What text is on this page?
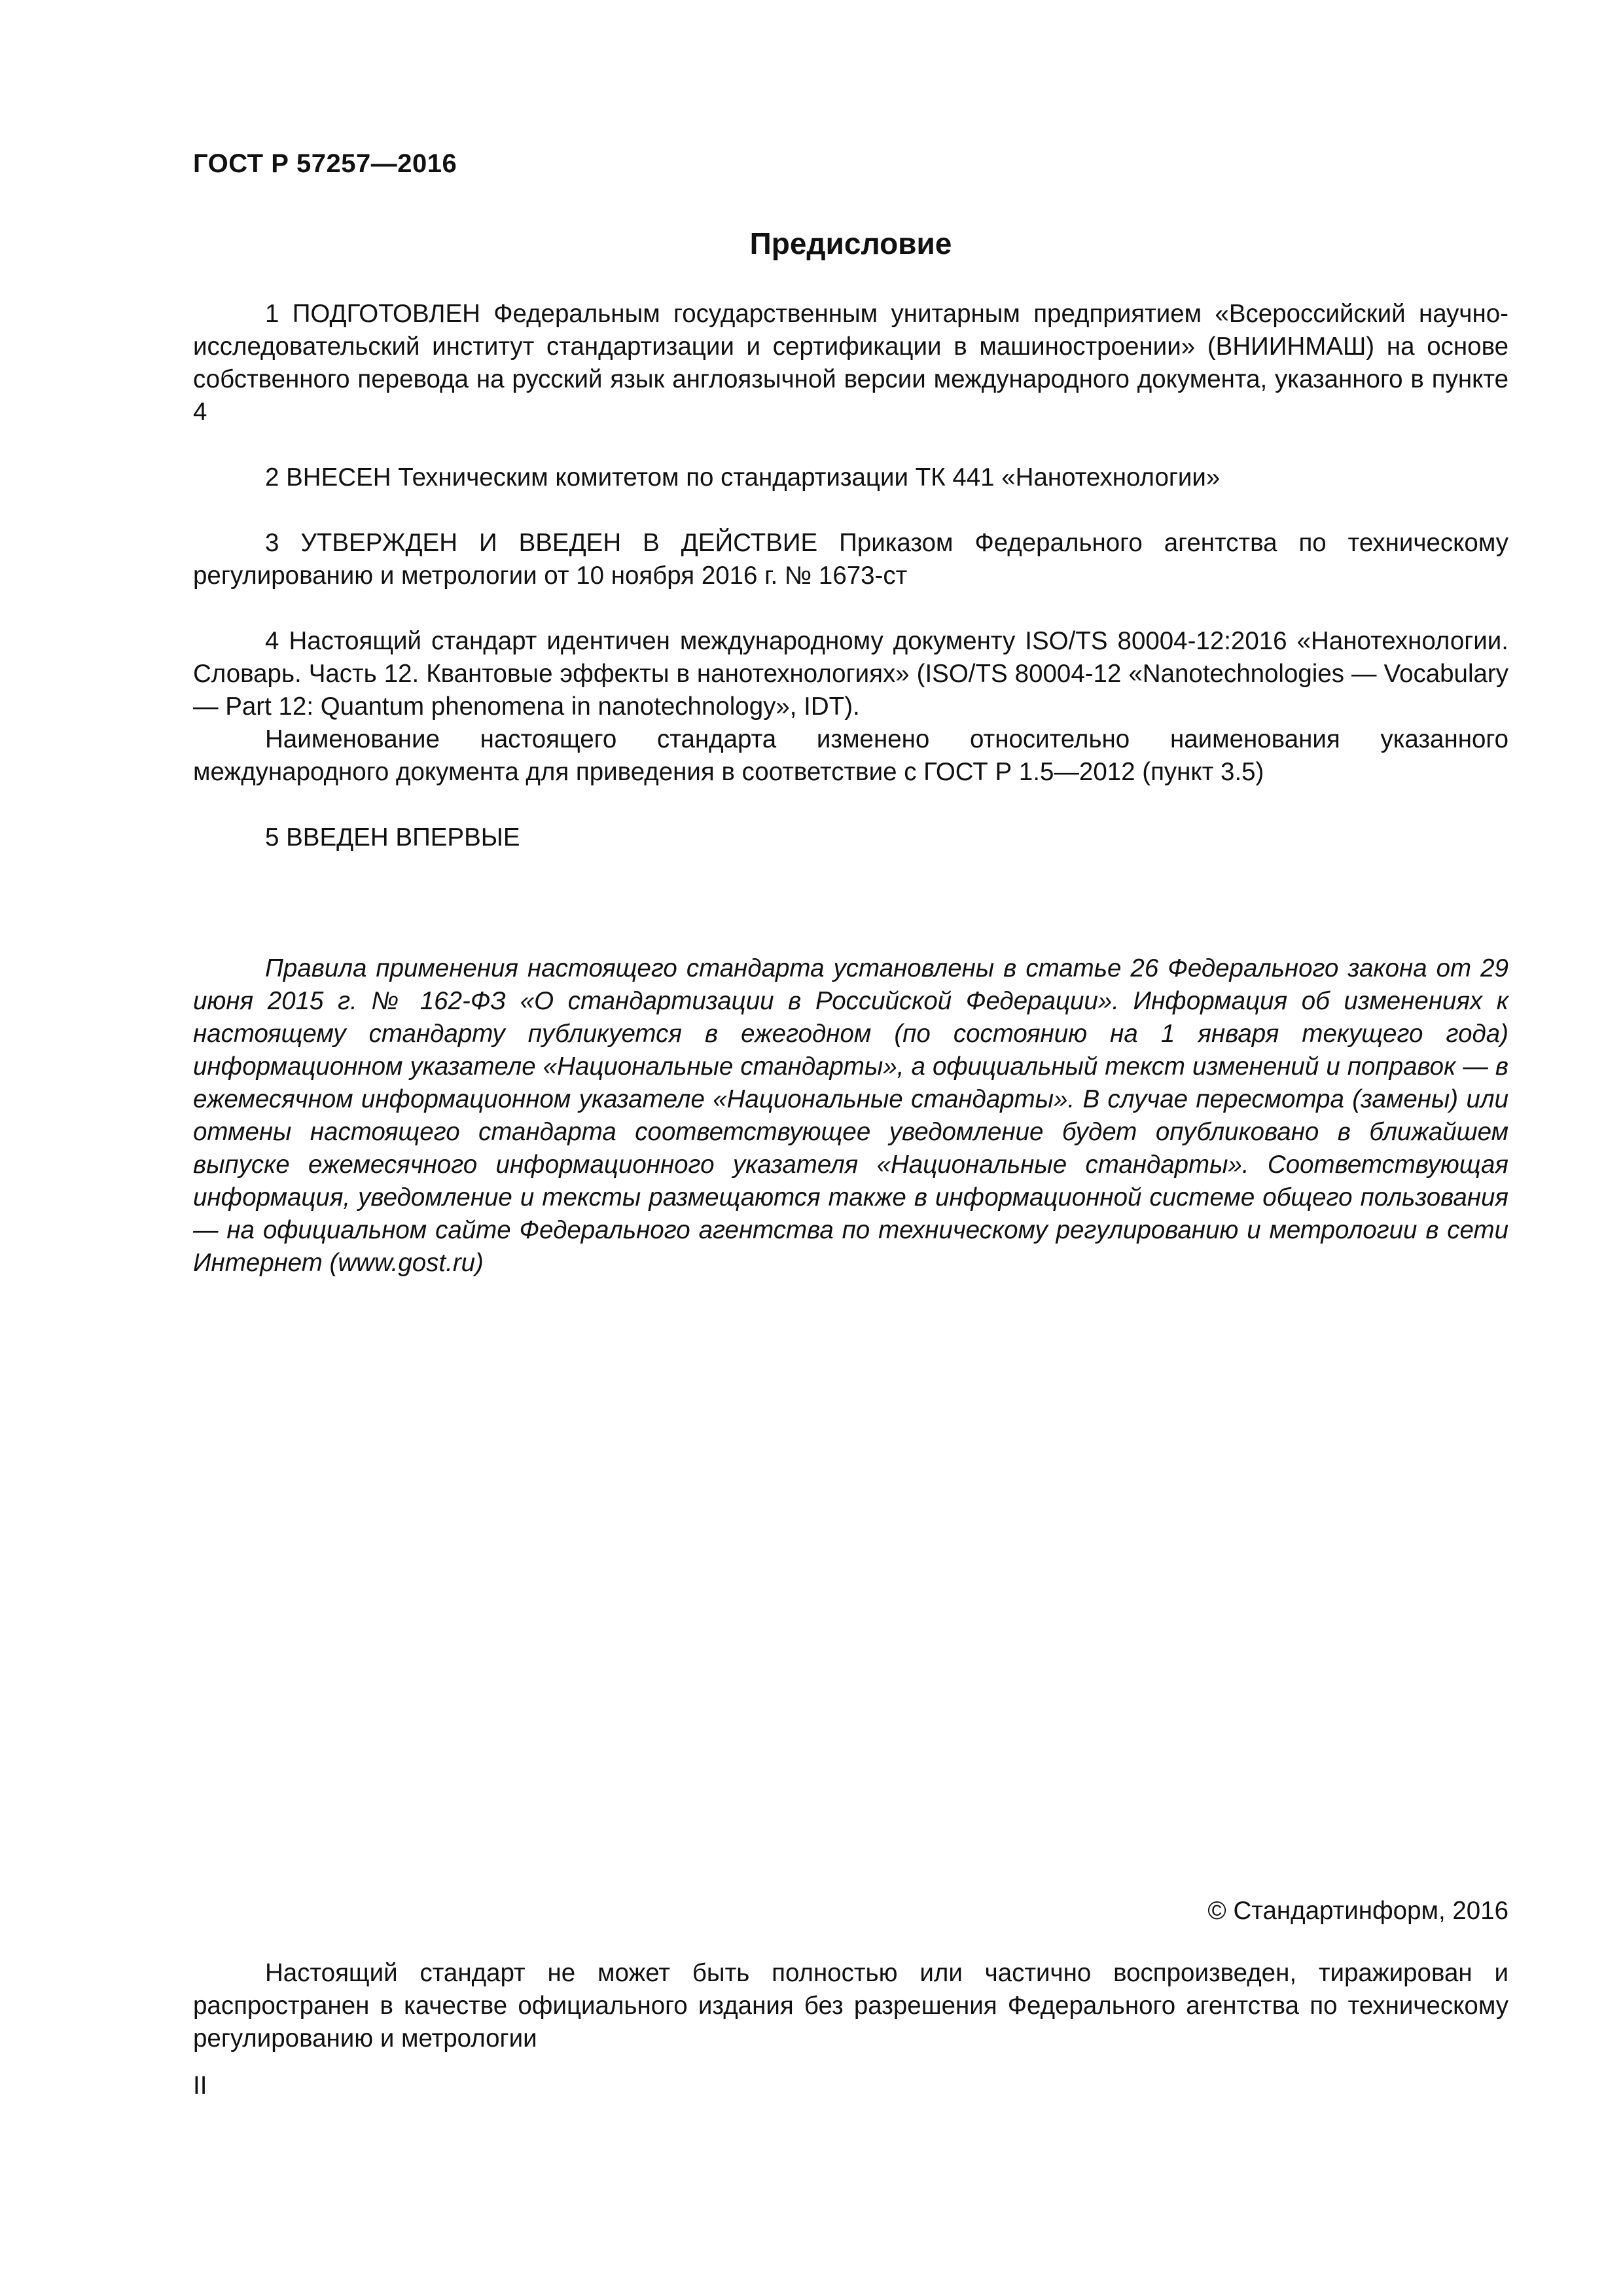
ГОСТ Р 57257—2016
Предисловие

1 ПОДГОТОВЛЕН Федеральным государственным унитарным предприятием «Всероссийский научно-исследовательский институт стандартизации и сертификации в машиностроении» (ВНИИНМАШ) на основе собственного перевода на русский язык англоязычной версии международного документа, указанного в пункте 4

2 ВНЕСЕН Техническим комитетом по стандартизации ТК 441 «Нанотехнологии»

3 УТВЕРЖДЕН И ВВЕДЕН В ДЕЙСТВИЕ Приказом Федерального агентства по техническому регулированию и метрологии от 10 ноября 2016 г. № 1673-ст

4 Настоящий стандарт идентичен международному документу ISO/TS 80004-12:2016 «Нанотехнологии. Словарь. Часть 12. Квантовые эффекты в нанотехнологиях» (ISO/TS 80004-12 «Nanotechnologies — Vocabulary — Part 12: Quantum phenomena in nanotechnology», IDT).

Наименование настоящего стандарта изменено относительно наименования указанного международного документа для приведения в соответствие с ГОСТ Р 1.5—2012 (пункт 3.5)

5 ВВЕДЕН ВПЕРВЫЕ

Правила применения настоящего стандарта установлены в статье 26 Федерального закона от 29 июня 2015 г. № 162-ФЗ «О стандартизации в Российской Федерации». Информация об изменениях к настоящему стандарту публикуется в ежегодном (по состоянию на 1 января текущего года) информационном указателе «Национальные стандарты», а официальный текст изменений и поправок — в ежемесячном информационном указателе «Национальные стандарты». В случае пересмотра (замены) или отмены настоящего стандарта соответствующее уведомление будет опубликовано в ближайшем выпуске ежемесячного информационного указателя «Национальные стандарты». Соответствующая информация, уведомление и тексты размещаются также в информационной системе общего пользования — на официальном сайте Федерального агентства по техническому регулированию и метрологии в сети Интернет (www.gost.ru)

© Стандартинформ, 2016

Настоящий стандарт не может быть полностью или частично воспроизведен, тиражирован и распространен в качестве официального издания без разрешения Федерального агентства по техническому регулированию и метрологии

II
